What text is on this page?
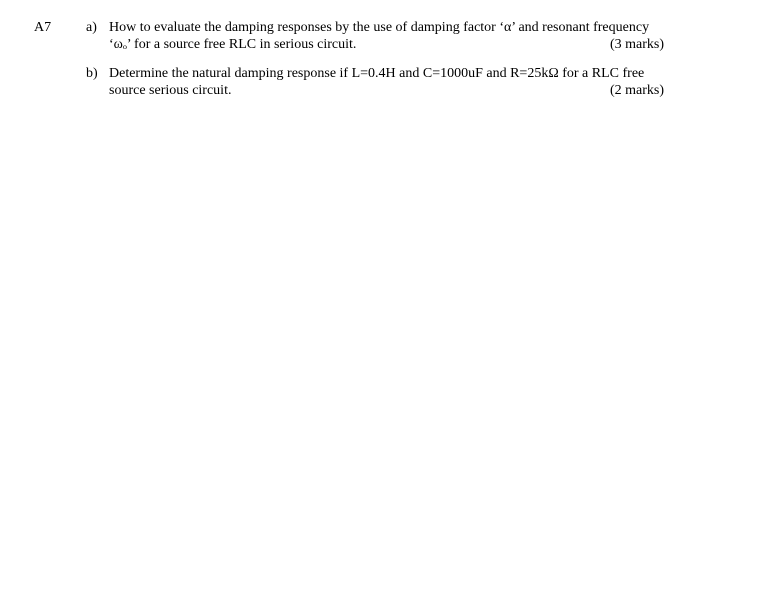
A7 a) How to evaluate the damping responses by the use of damping factor ‘α’ and resonant frequency
‘ωₒ’ for a source free RLC in serious circuit.	(3 marks)
b) Determine the natural damping response if L=0.4H and C=1000uF and R=25kΩ for a RLC free
source serious circuit.	(2 marks)
